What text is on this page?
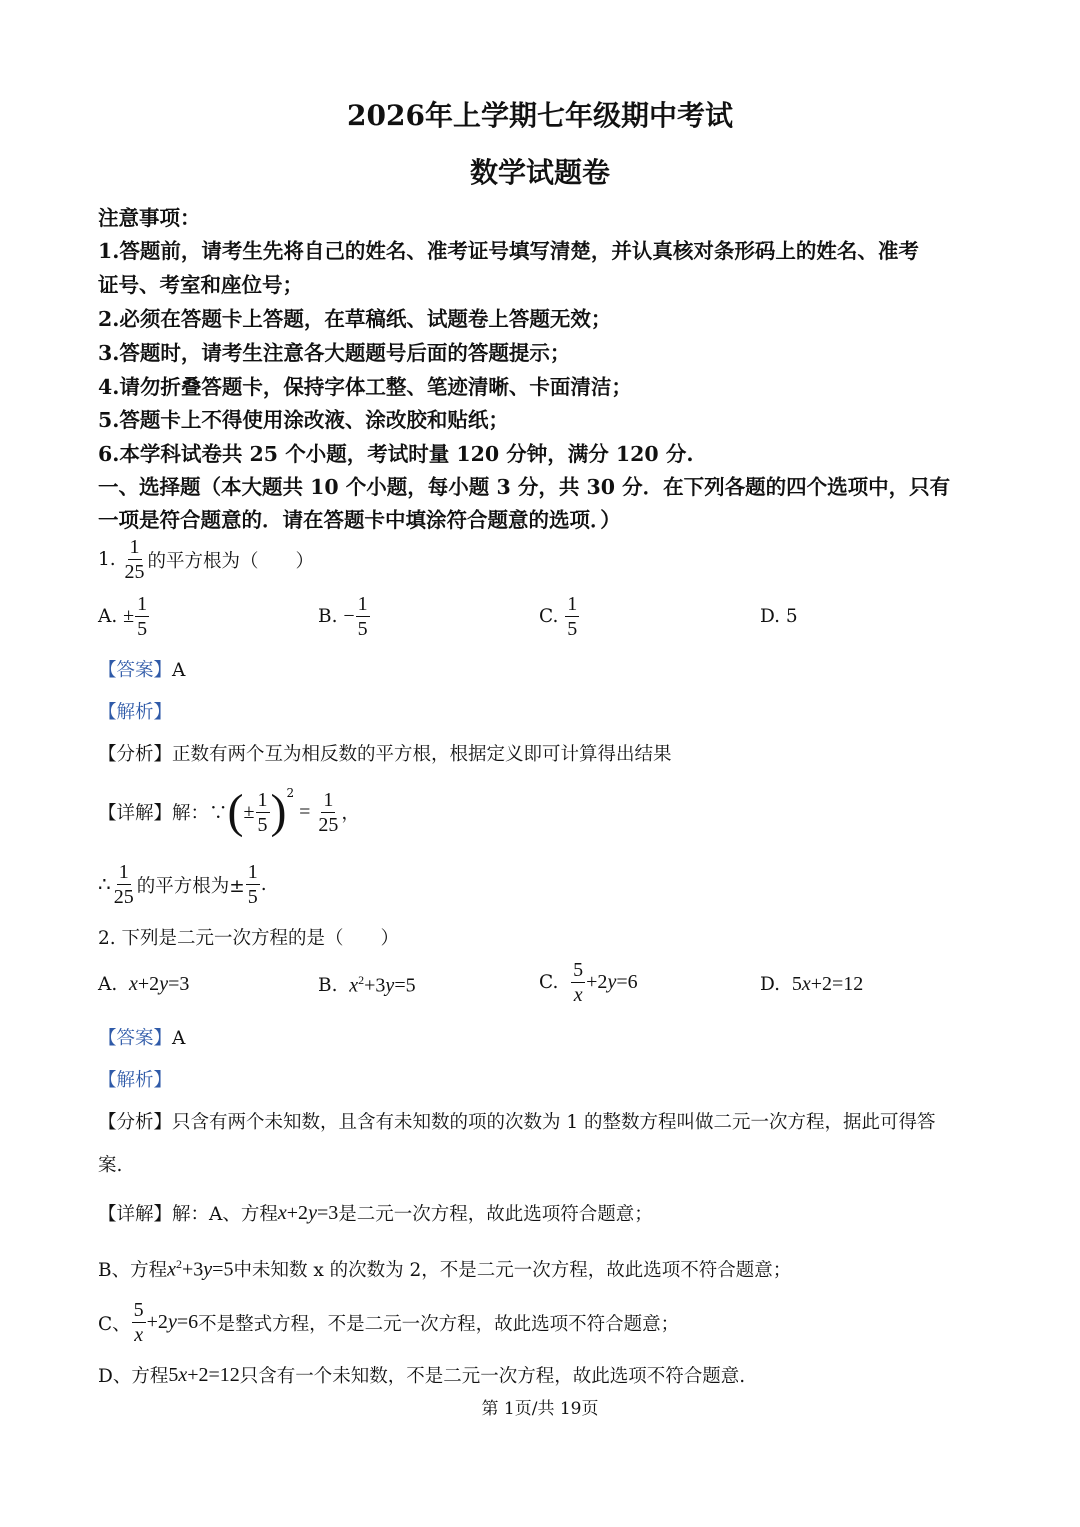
2026年上学期七年级期中考试
数学试题卷
注意事项：
1.答题前，请考生先将自己的姓名、准考证号填写清楚，并认真核对条形码上的姓名、准考
证号、考室和座位号；
2.必须在答题卡上答题，在草稿纸、试题卷上答题无效；
3.答题时，请考生注意各大题题号后面的答题提示；
4.请勿折叠答题卡，保持字体工整、笔迹清晰、卡面清洁；
5.答题卡上不得使用涂改液、涂改胶和贴纸；
6.本学科试卷共 25 个小题，考试时量 120 分钟，满分 120 分.
一、选择题（本大题共 10 个小题，每小题 3 分，共 30 分．在下列各题的四个选项中，只有
一项是符合题意的．请在答题卡中填涂符合题意的选项．）
1.
$\frac{1}{25}$ 的平方根为（　　）
A.
± $\frac{1}{5}$	B.
− $\frac{1}{5}$	C.
$\frac{1}{5}$	D. 5
【答案】A
【解析】
【分析】正数有两个互为相反数的平方根，根据定义即可计算得出结果
【详解】 解：∵ ( ± $\frac{1}{5} )^2$
= $\frac{1}{25}$ ，
∴ $\frac{1}{25}$ 的平方根为± $\frac{1}{5}$ .
2. 下列是二元一次方程的是（　　）
A.
x+2y=3	B.
$x^2+3y=5$	C.
$\frac{5}{x} +2y=6$	D.
5x+2=12
【答案】A
【解析】
【分析】只含有两个未知数，且含有未知数的项的次数为 1 的整数方程叫做二元一次方程，据此可得答
案.
【详解】 解：A、方程 x+2y=3 是二元一次方程，故此选项符合题意；
B、方程 $x^2+3y=5$ 中未知数 x 的次数为 2，不是二元一次方程，故此选项不符合题意；
C、 $\frac{5}{x} +2y=6$ 不是整式方程，不是二元一次方程，故此选项不符合题意；
D、方程 5x+2=12 只含有一个未知数，不是二元一次方程，故此选项不符合题意.
第 1页/共 19页
